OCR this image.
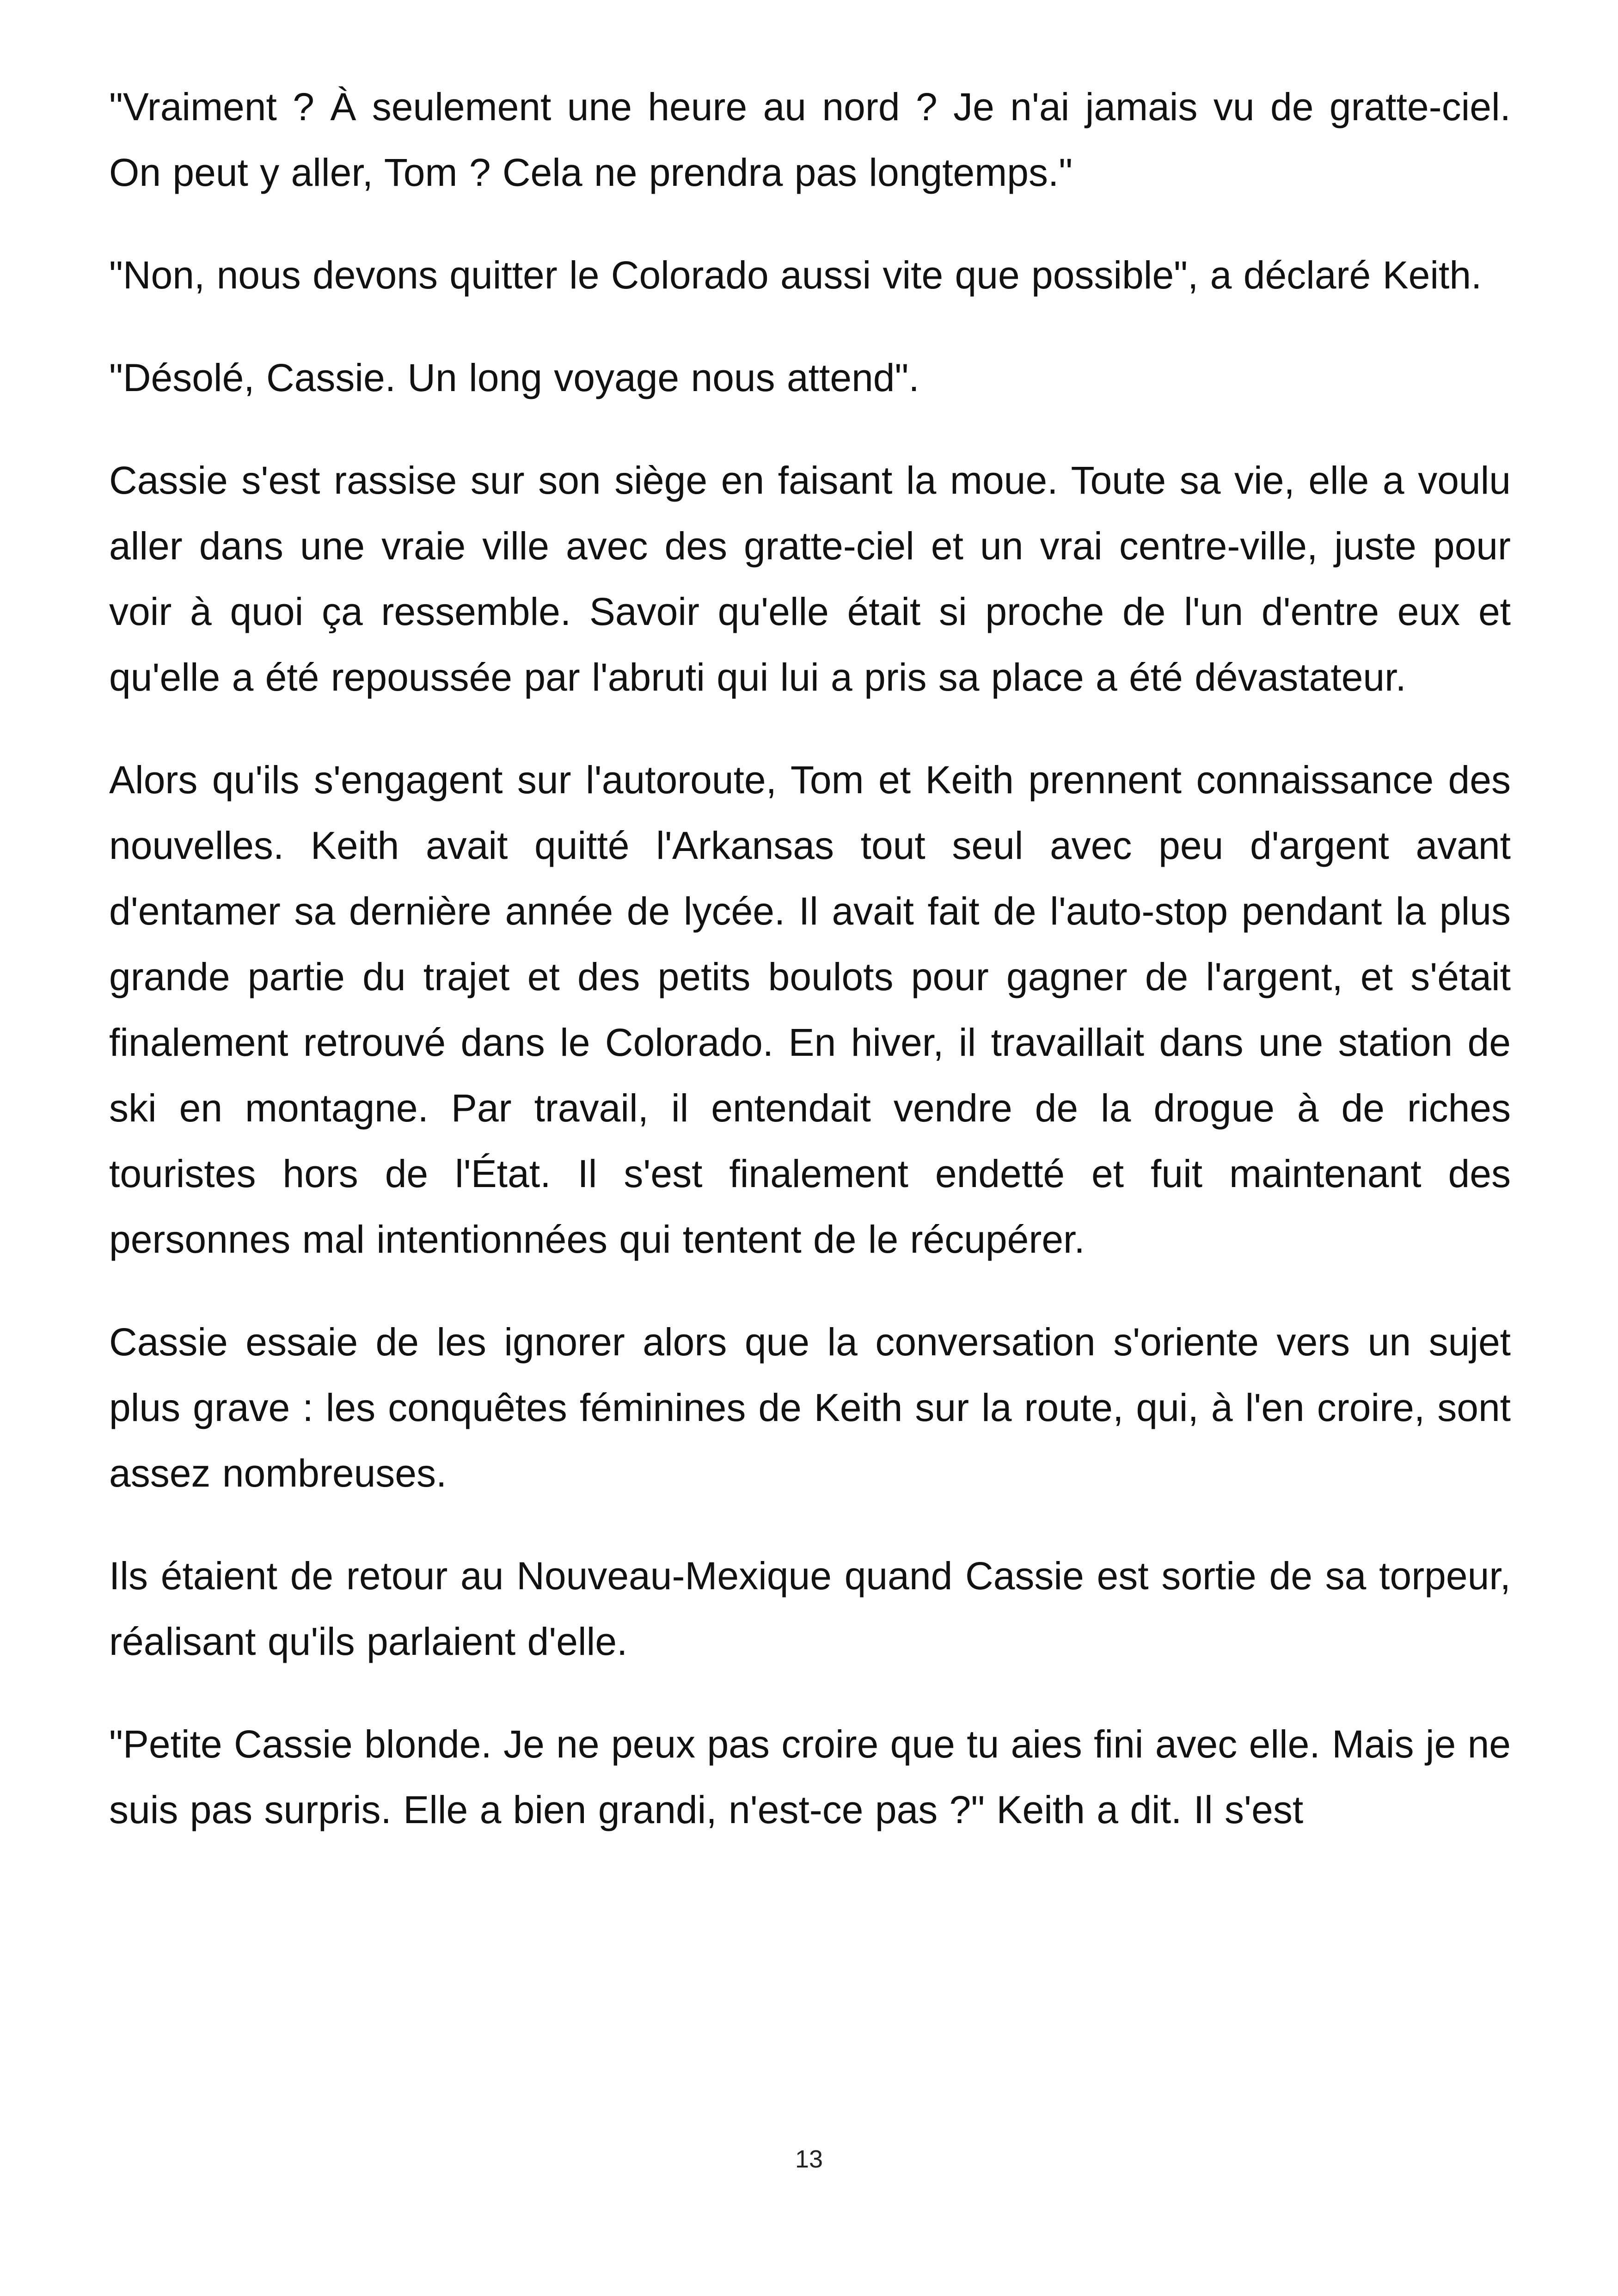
"Vraiment ? À seulement une heure au nord ? Je n'ai jamais vu de gratte-ciel. On peut y aller, Tom ? Cela ne prendra pas longtemps."

"Non, nous devons quitter le Colorado aussi vite que possible", a déclaré Keith.

"Désolé, Cassie. Un long voyage nous attend".

Cassie s'est rassise sur son siège en faisant la moue. Toute sa vie, elle a voulu aller dans une vraie ville avec des gratte-ciel et un vrai centre-ville, juste pour voir à quoi ça ressemble. Savoir qu'elle était si proche de l'un d'entre eux et qu'elle a été repoussée par l'abruti qui lui a pris sa place a été dévastateur.

Alors qu'ils s'engagent sur l'autoroute, Tom et Keith prennent connaissance des nouvelles. Keith avait quitté l'Arkansas tout seul avec peu d'argent avant d'entamer sa dernière année de lycée. Il avait fait de l'auto-stop pendant la plus grande partie du trajet et des petits boulots pour gagner de l'argent, et s'était finalement retrouvé dans le Colorado. En hiver, il travaillait dans une station de ski en montagne. Par travail, il entendait vendre de la drogue à de riches touristes hors de l'État. Il s'est finalement endetté et fuit maintenant des personnes mal intentionnées qui tentent de le récupérer.

Cassie essaie de les ignorer alors que la conversation s'oriente vers un sujet plus grave : les conquêtes féminines de Keith sur la route, qui, à l'en croire, sont assez nombreuses.

Ils étaient de retour au Nouveau-Mexique quand Cassie est sortie de sa torpeur, réalisant qu'ils parlaient d'elle.

"Petite Cassie blonde. Je ne peux pas croire que tu aies fini avec elle. Mais je ne suis pas surpris. Elle a bien grandi, n'est-ce pas ?" Keith a dit. Il s'est

13
